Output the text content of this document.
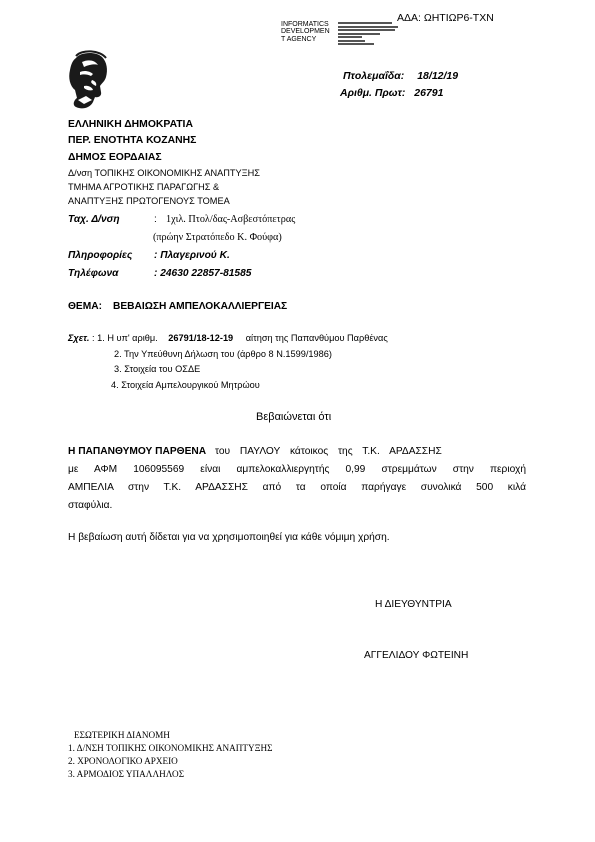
ΑΔΑ: ΩΗΤΙΩΡ6-ΤΧΝ
INFORMATICS
DEVELOPMEN
T AGENCY
Πτολεμαΐδα: 18/12/19
Αριθμ. Πρωτ: 26791
ΕΛΛΗΝΙΚΗ ΔΗΜΟΚΡΑΤΙΑ
ΠΕΡ. ΕΝΟΤΗΤΑ ΚΟΖΑΝΗΣ
ΔΗΜΟΣ ΕΟΡΔΑΙΑΣ
Δ/νση ΤΟΠΙΚΗΣ ΟΙΚΟΝΟΜΙΚΗΣ ΑΝΑΠΤΥΞΗΣ
ΤΜΗΜΑ ΑΓΡΟΤΙΚΗΣ ΠΑΡΑΓΩΓΗΣ &
ΑΝΑΠΤΥΞΗΣ ΠΡΩΤΟΓΕΝΟΥΣ ΤΟΜΕΑ
Ταχ. Δ/νση	: 1χιλ. Πτολ/δας-Ασβεστόπετρας
(πρώην Στρατόπεδο Κ. Φούφα)
Πληροφορίες : Πλαγερινού Κ.
Τηλέφωνα	: 24630 22857-81585
ΘΕΜΑ: ΒΕΒΑΙΩΣΗ ΑΜΠΕΛΟΚΑΛΛΙΕΡΓΕΙΑΣ
Σχετ. : 1. Η υπ' αριθμ. 26791/18-12-19 αίτηση της Παπανθύμου Παρθένας
2. Την Υπεύθυνη Δήλωση του (άρθρο 8 Ν.1599/1986)
3. Στοιχεία του ΟΣΔΕ
4. Στοιχεία Αμπελουργικού Μητρώου
Βεβαιώνεται ότι
Η ΠΑΠΑΝΘΥΜΟΥ ΠΑΡΘΕΝΑ του ΠΑΥΛΟΥ κάτοικος της Τ.Κ. ΑΡΔΑΣΣΗΣ
με ΑΦΜ 106095569 είναι αμπελοκαλλιεργητής 0,99 στρεμμάτων στην περιοχή
ΑΜΠΕΛΙΑ στην Τ.Κ. ΑΡΔΑΣΣΗΣ από τα οποία παρήγαγε συνολικά 500 κιλά
σταφύλια.
Η βεβαίωση αυτή δίδεται για να χρησιμοποιηθεί για κάθε νόμιμη χρήση.
Η ΔΙΕΥΘΥΝΤΡΙΑ
ΑΓΓΕΛΙΔΟΥ ΦΩΤΕΙΝΗ
ΕΣΩΤΕΡΙΚΗ ΔΙΑΝΟΜΗ
1. Δ/ΝΣΗ ΤΟΠΙΚΗΣ ΟΙΚΟΝΟΜΙΚΗΣ ΑΝΑΠΤΥΞΗΣ
2. ΧΡΟΝΟΛΟΓΙΚΟ ΑΡΧΕΙΟ
3. ΑΡΜΟΔΙΟΣ ΥΠΑΛΛΗΛΟΣ
